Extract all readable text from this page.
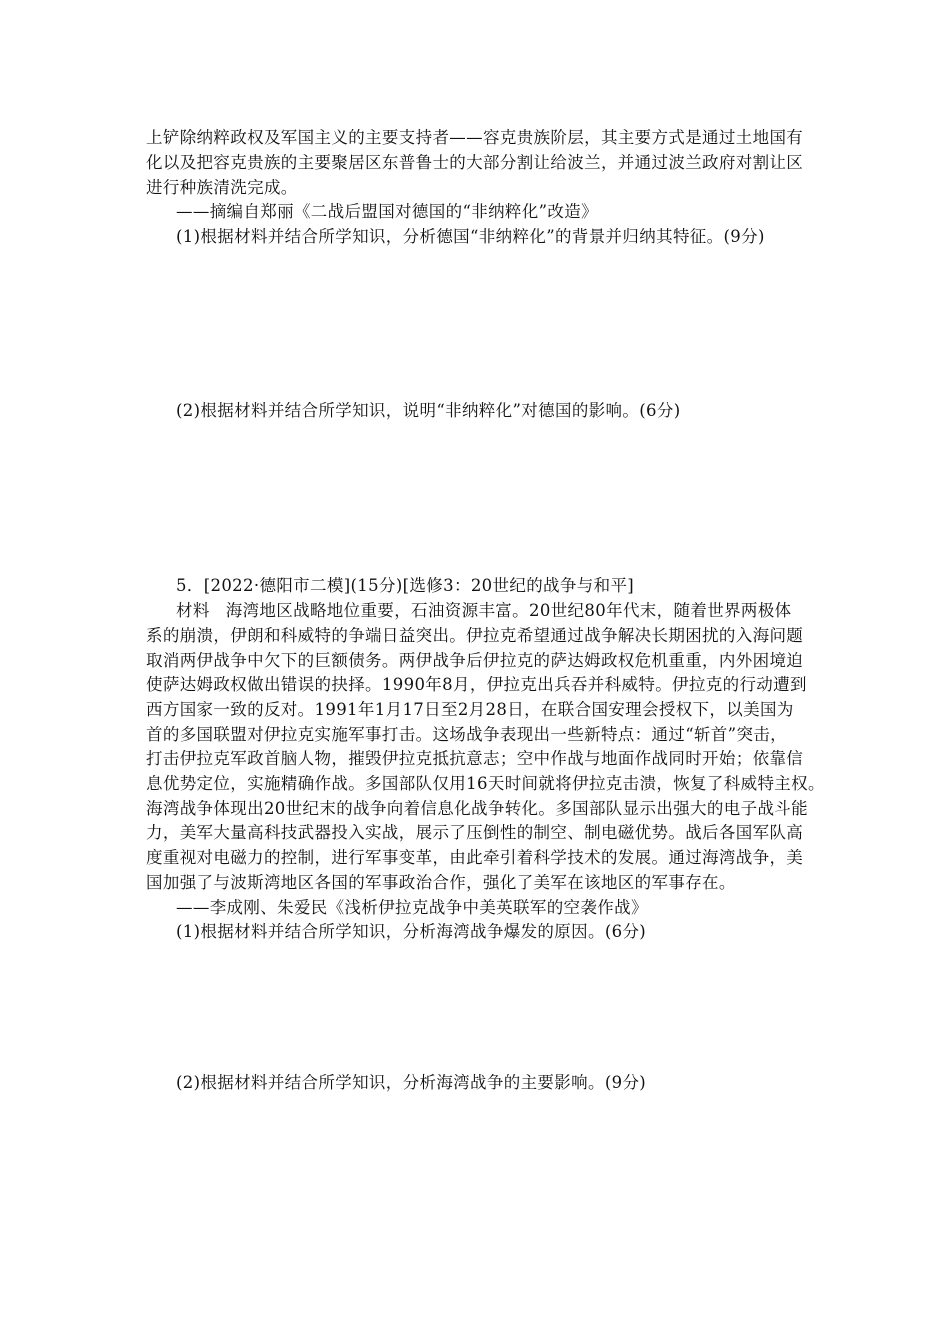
上铲除纳粹政权及军国主义的主要支持者——容克贵族阶层，其主要方式是通过土地国有
化以及把容克贵族的主要聚居区东普鲁士的大部分割让给波兰，并通过波兰政府对割让区
进行种族清洗完成。
——摘编自郑丽《二战后盟国对德国的“非纳粹化”改造》
(1)根据材料并结合所学知识，分析德国“非纳粹化”的背景并归纳其特征。(9分)
(2)根据材料并结合所学知识，说明“非纳粹化”对德国的影响。(6分)
5．[2022·德阳市二模](15分)[选修3：20世纪的战争与和平]
材料 海湾地区战略地位重要，石油资源丰富。20世纪80年代末，随着世界两极体
系的崩溃，伊朗和科威特的争端日益突出。伊拉克希望通过战争解决长期困扰的入海问题
取消两伊战争中欠下的巨额债务。两伊战争后伊拉克的萨达姆政权危机重重，内外困境迫
使萨达姆政权做出错误的抉择。1990年8月，伊拉克出兵吞并科威特。伊拉克的行动遭到
西方国家一致的反对。1991年1月17日至2月28日，在联合国安理会授权下，以美国为
首的多国联盟对伊拉克实施军事打击。这场战争表现出一些新特点：通过“斩首”突击，
打击伊拉克军政首脑人物，摧毁伊拉克抵抗意志；空中作战与地面作战同时开始；依靠信
息优势定位，实施精确作战。多国部队仅用16天时间就将伊拉克击溃，恢复了科威特主权。
海湾战争体现出20世纪末的战争向着信息化战争转化。多国部队显示出强大的电子战斗能
力，美军大量高科技武器投入实战，展示了压倒性的制空、制电磁优势。战后各国军队高
度重视对电磁力的控制，进行军事变革，由此牵引着科学技术的发展。通过海湾战争，美
国加强了与波斯湾地区各国的军事政治合作，强化了美军在该地区的军事存在。
——李成刚、朱爱民《浅析伊拉克战争中美英联军的空袭作战》
(1)根据材料并结合所学知识，分析海湾战争爆发的原因。(6分)
(2)根据材料并结合所学知识，分析海湾战争的主要影响。(9分)
